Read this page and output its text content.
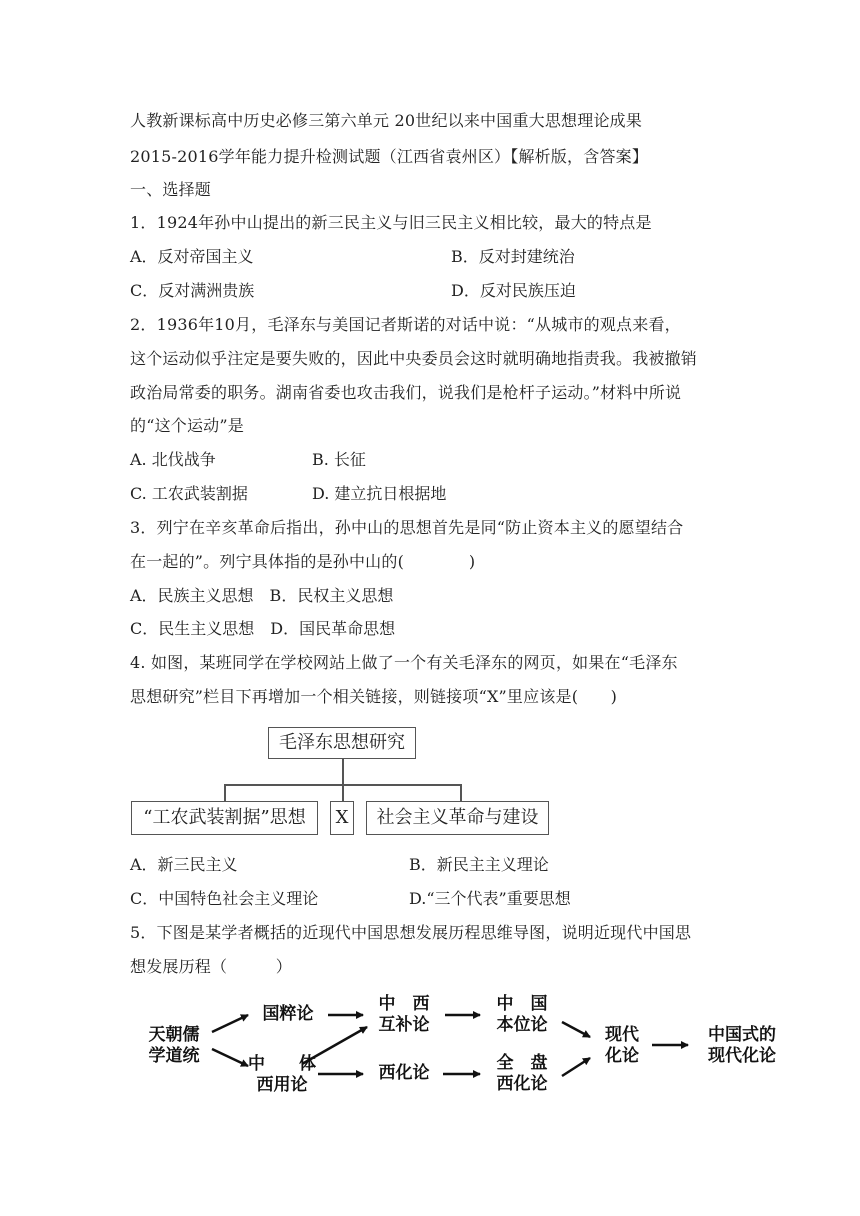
人教新课标高中历史必修三第六单元 20世纪以来中国重大思想理论成果
2015-2016学年能力提升检测试题（江西省袁州区）【解析版，含答案】
一、选择题
1．1924年孙中山提出的新三民主义与旧三民主义相比较，最大的特点是
A．反对帝国主义	B．反对封建统治
C．反对满洲贵族	D．反对民族压迫
2．1936年10月，毛泽东与美国记者斯诺的对话中说：“从城市的观点来看，
这个运动似乎注定是要失败的，因此中央委员会这时就明确地指责我。我被撤销
政治局常委的职务。湖南省委也攻击我们，说我们是枪杆子运动。”材料中所说
的“这个运动”是
A. 北伐战争	B. 长征
C. 工农武装割据	D. 建立抗日根据地
3．列宁在辛亥革命后指出，孙中山的思想首先是同“防止资本主义的愿望结合
在一起的”。列宁具体指的是孙中山的(　　　　)
A．民族主义思想　B．民权主义思想
C．民生主义思想　D．国民革命思想
4. 如图，某班同学在学校网站上做了一个有关毛泽东的网页，如果在“毛泽东
思想研究”栏目下再增加一个相关链接，则链接项“X”里应该是(　　)
毛泽东思想研究
“工农武装割据”思想	X	社会主义革命与建设
A．新三民主义	B．新民主主义理论
C．中国特色社会主义理论	D.“三个代表”重要思想
5．下图是某学者概括的近现代中国思想发展历程思维导图，说明近现代中国思
想发展历程（　　　）
天朝儒
学道统
国粹论
中　　体
西用论
中　西
互补论
西化论
中　国
本位论
全　盘
西化论
现代
化论
中国式的
现代化论
